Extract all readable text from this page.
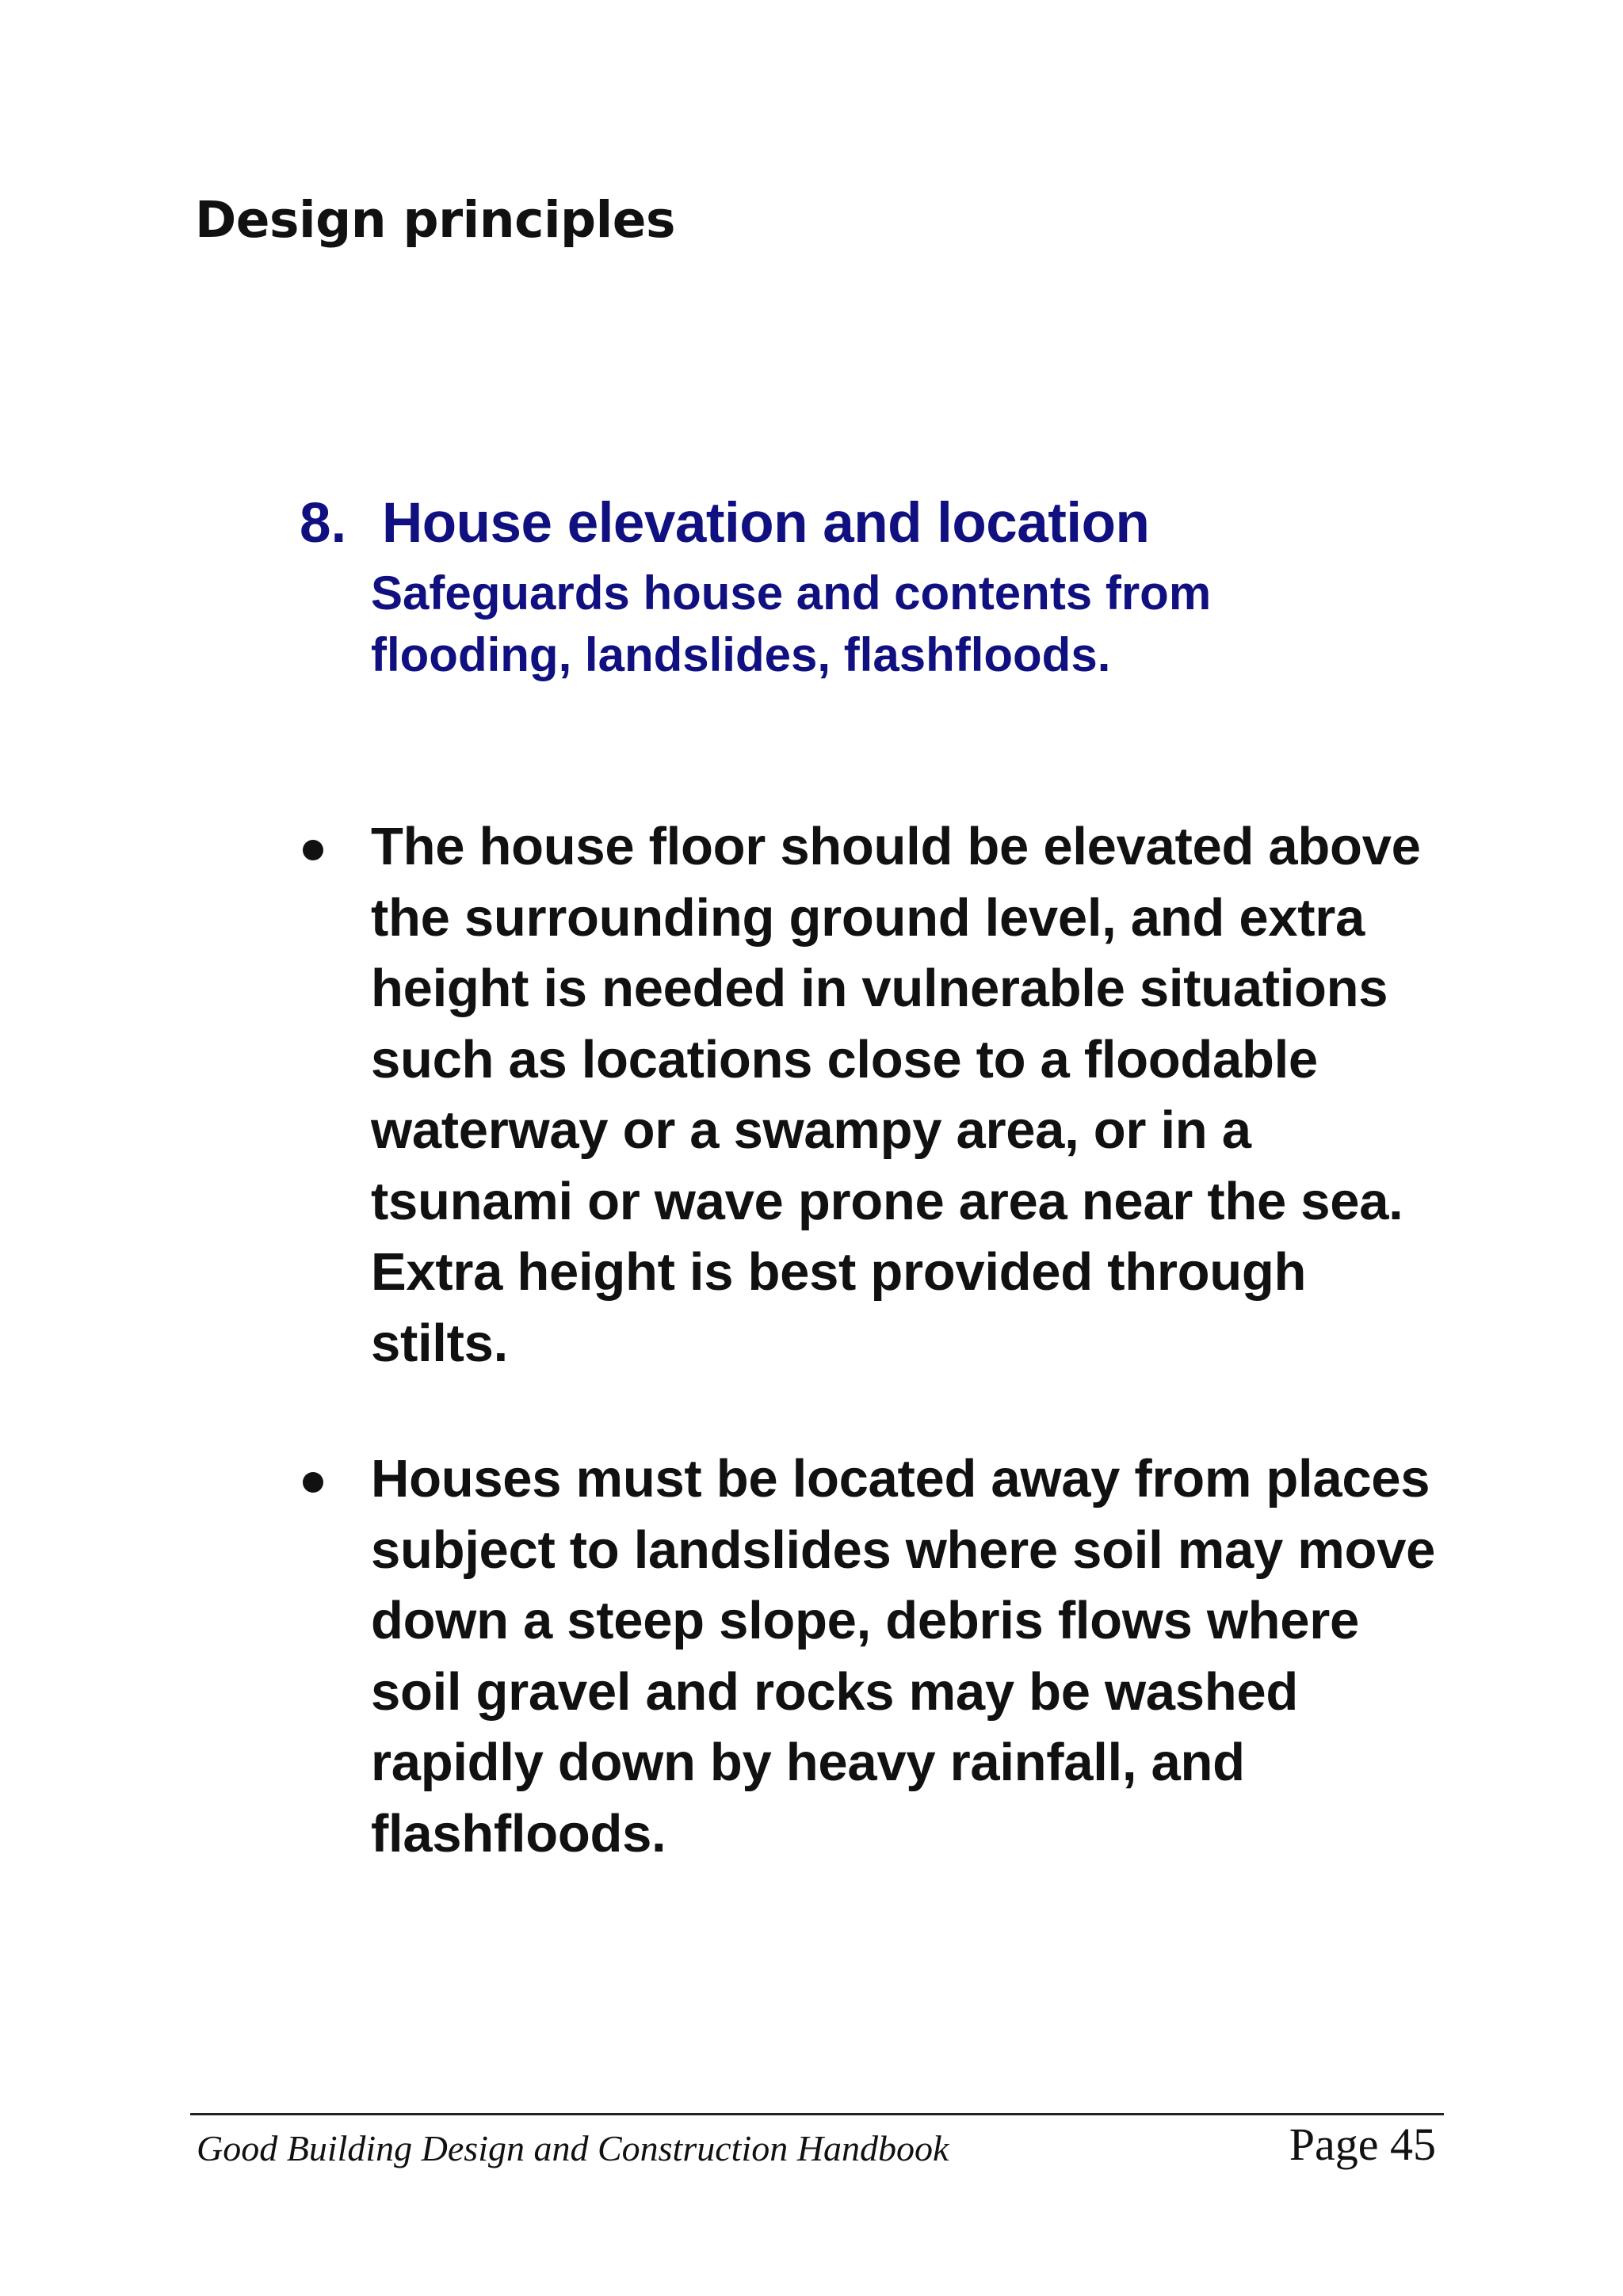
Design principles
8. House elevation and location
Safeguards house and contents from flooding, landslides, flashfloods.
The house floor should be elevated above the surrounding ground level, and extra height is needed in vulnerable situations such as locations close to a floodable waterway or a swampy area, or in a tsunami or wave prone area near the sea. Extra height is best provided through stilts.
Houses must be located away from places subject to landslides where soil may move down a steep slope, debris flows where soil gravel and rocks may be washed rapidly down by heavy rainfall, and flashfloods.
Good Building Design and Construction Handbook	Page 45
